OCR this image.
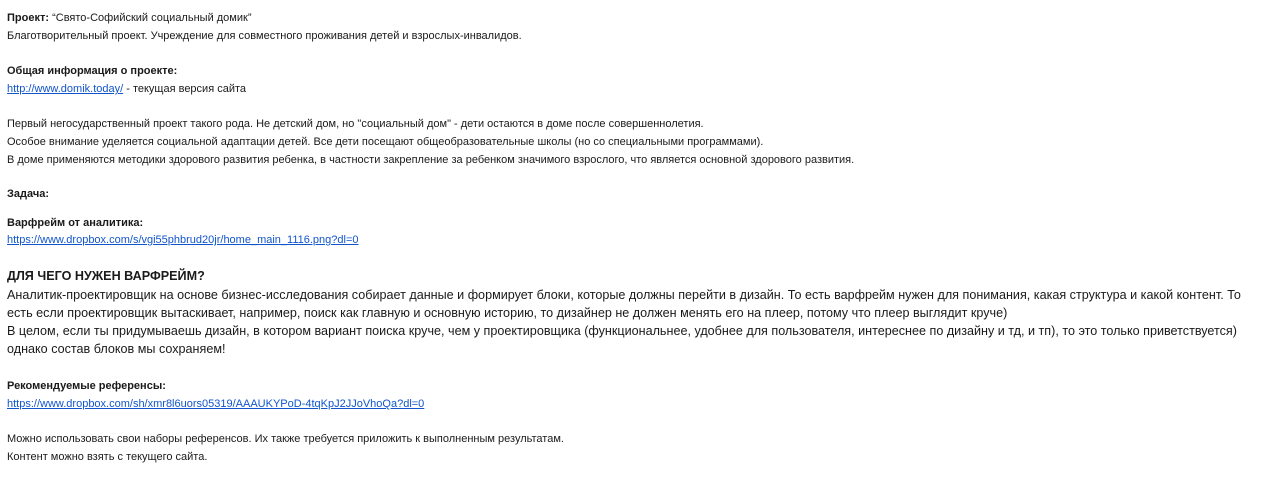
Проект: “Свято-Софийский социальный домик”
Благотворительный проект. Учреждение для совместного проживания детей и взрослых-инвалидов.
Общая информация о проекте:
http://www.domik.today/ - текущая версия сайта
Первый негосударственный проект такого рода. Не детский дом, но "социальный дом" - дети остаются в доме после совершеннолетия.
Особое внимание уделяется социальной адаптации детей. Все дети посещают общеобразовательные школы (но со специальными программами).
В доме применяются методики здорового развития ребенка, в частности закрепление за ребенком значимого взрослого, что является основной здорового развития.
Задача:
Варфрейм от аналитика:
https://www.dropbox.com/s/vgi55phbrud20jr/home_main_1116.png?dl=0
ДЛЯ ЧЕГО НУЖЕН ВАРФРЕЙМ?
Аналитик-проектировщик на основе бизнес-исследования собирает данные и формирует блоки, которые должны перейти в дизайн. То есть варфрейм нужен для понимания, какая структура и какой контент. То есть если проектировщик вытаскивает, например, поиск как главную и основную историю, то дизайнер не должен менять его на плеер, потому что плеер выглядит круче)
В целом, если ты придумываешь дизайн, в котором вариант поиска круче, чем у проектировщика (функциональнее, удобнее для пользователя, интереснее по дизайну и тд, и тп), то это только приветствуется) однако состав блоков мы сохраняем!
Рекомендуемые референсы:
https://www.dropbox.com/sh/xmr8l6uors05319/AAAUKYPoD-4tqKpJ2JJoVhoQa?dl=0
Можно использовать свои наборы референсов. Их также требуется приложить к выполненным результатам.
Контент можно взять с текущего сайта.
